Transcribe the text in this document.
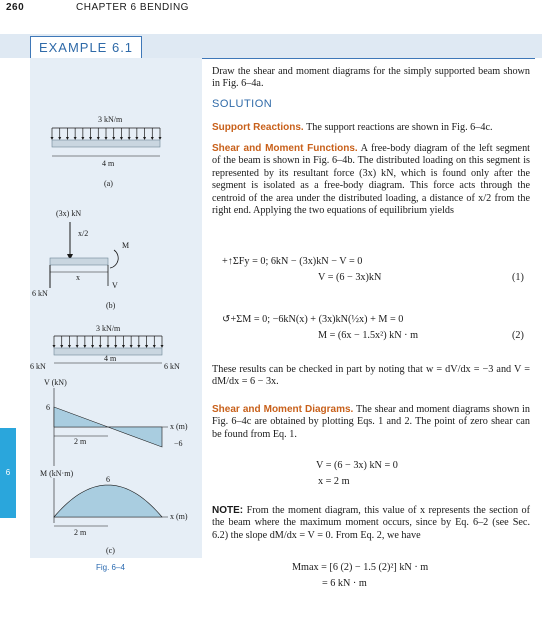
260	CHAPTER 6 BENDING
EXAMPLE 6.1
3 kN/m
4 m
(a)
(3x) kN
x/2
M
V
x
6 kN
(b)
3 kN/m
6 kN	6 kN
4 m
V (kN)
6
−6
x (m)
2 m
M (kN·m)
6
x (m)
2 m
(c)
Fig. 6–4
6
Draw the shear and moment diagrams for the simply supported beam shown in Fig. 6–4a.
SOLUTION
Support Reactions. The support reactions are shown in Fig. 6–4c.
Shear and Moment Functions. A free-body diagram of the left segment of the beam is shown in Fig. 6–4b. The distributed loading on this segment is represented by its resultant force (3x) kN, which is found only after the segment is isolated as a free-body diagram. This force acts through the centroid of the area under the distributed loading, a distance of x/2 from the right end. Applying the two equations of equilibrium yields
+↑ΣFy = 0; 6kN − (3x)kN − V = 0
V = (6 − 3x)kN	(1)
↺+ΣM = 0; −6kN(x) + (3x)kN(½x) + M = 0
M = (6x − 1.5x²) kN · m	(2)
These results can be checked in part by noting that w = dV/dx = −3 and V = dM/dx = 6 − 3x.
Shear and Moment Diagrams. The shear and moment diagrams shown in Fig. 6–4c are obtained by plotting Eqs. 1 and 2. The point of zero shear can be found from Eq. 1.
V = (6 − 3x) kN = 0
x = 2 m
NOTE: From the moment diagram, this value of x represents the section of the beam where the maximum moment occurs, since by Eq. 6–2 (see Sec. 6.2) the slope dM/dx = V = 0. From Eq. 2, we have
Mmax = [6 (2) − 1.5 (2)²] kN · m
= 6 kN · m
